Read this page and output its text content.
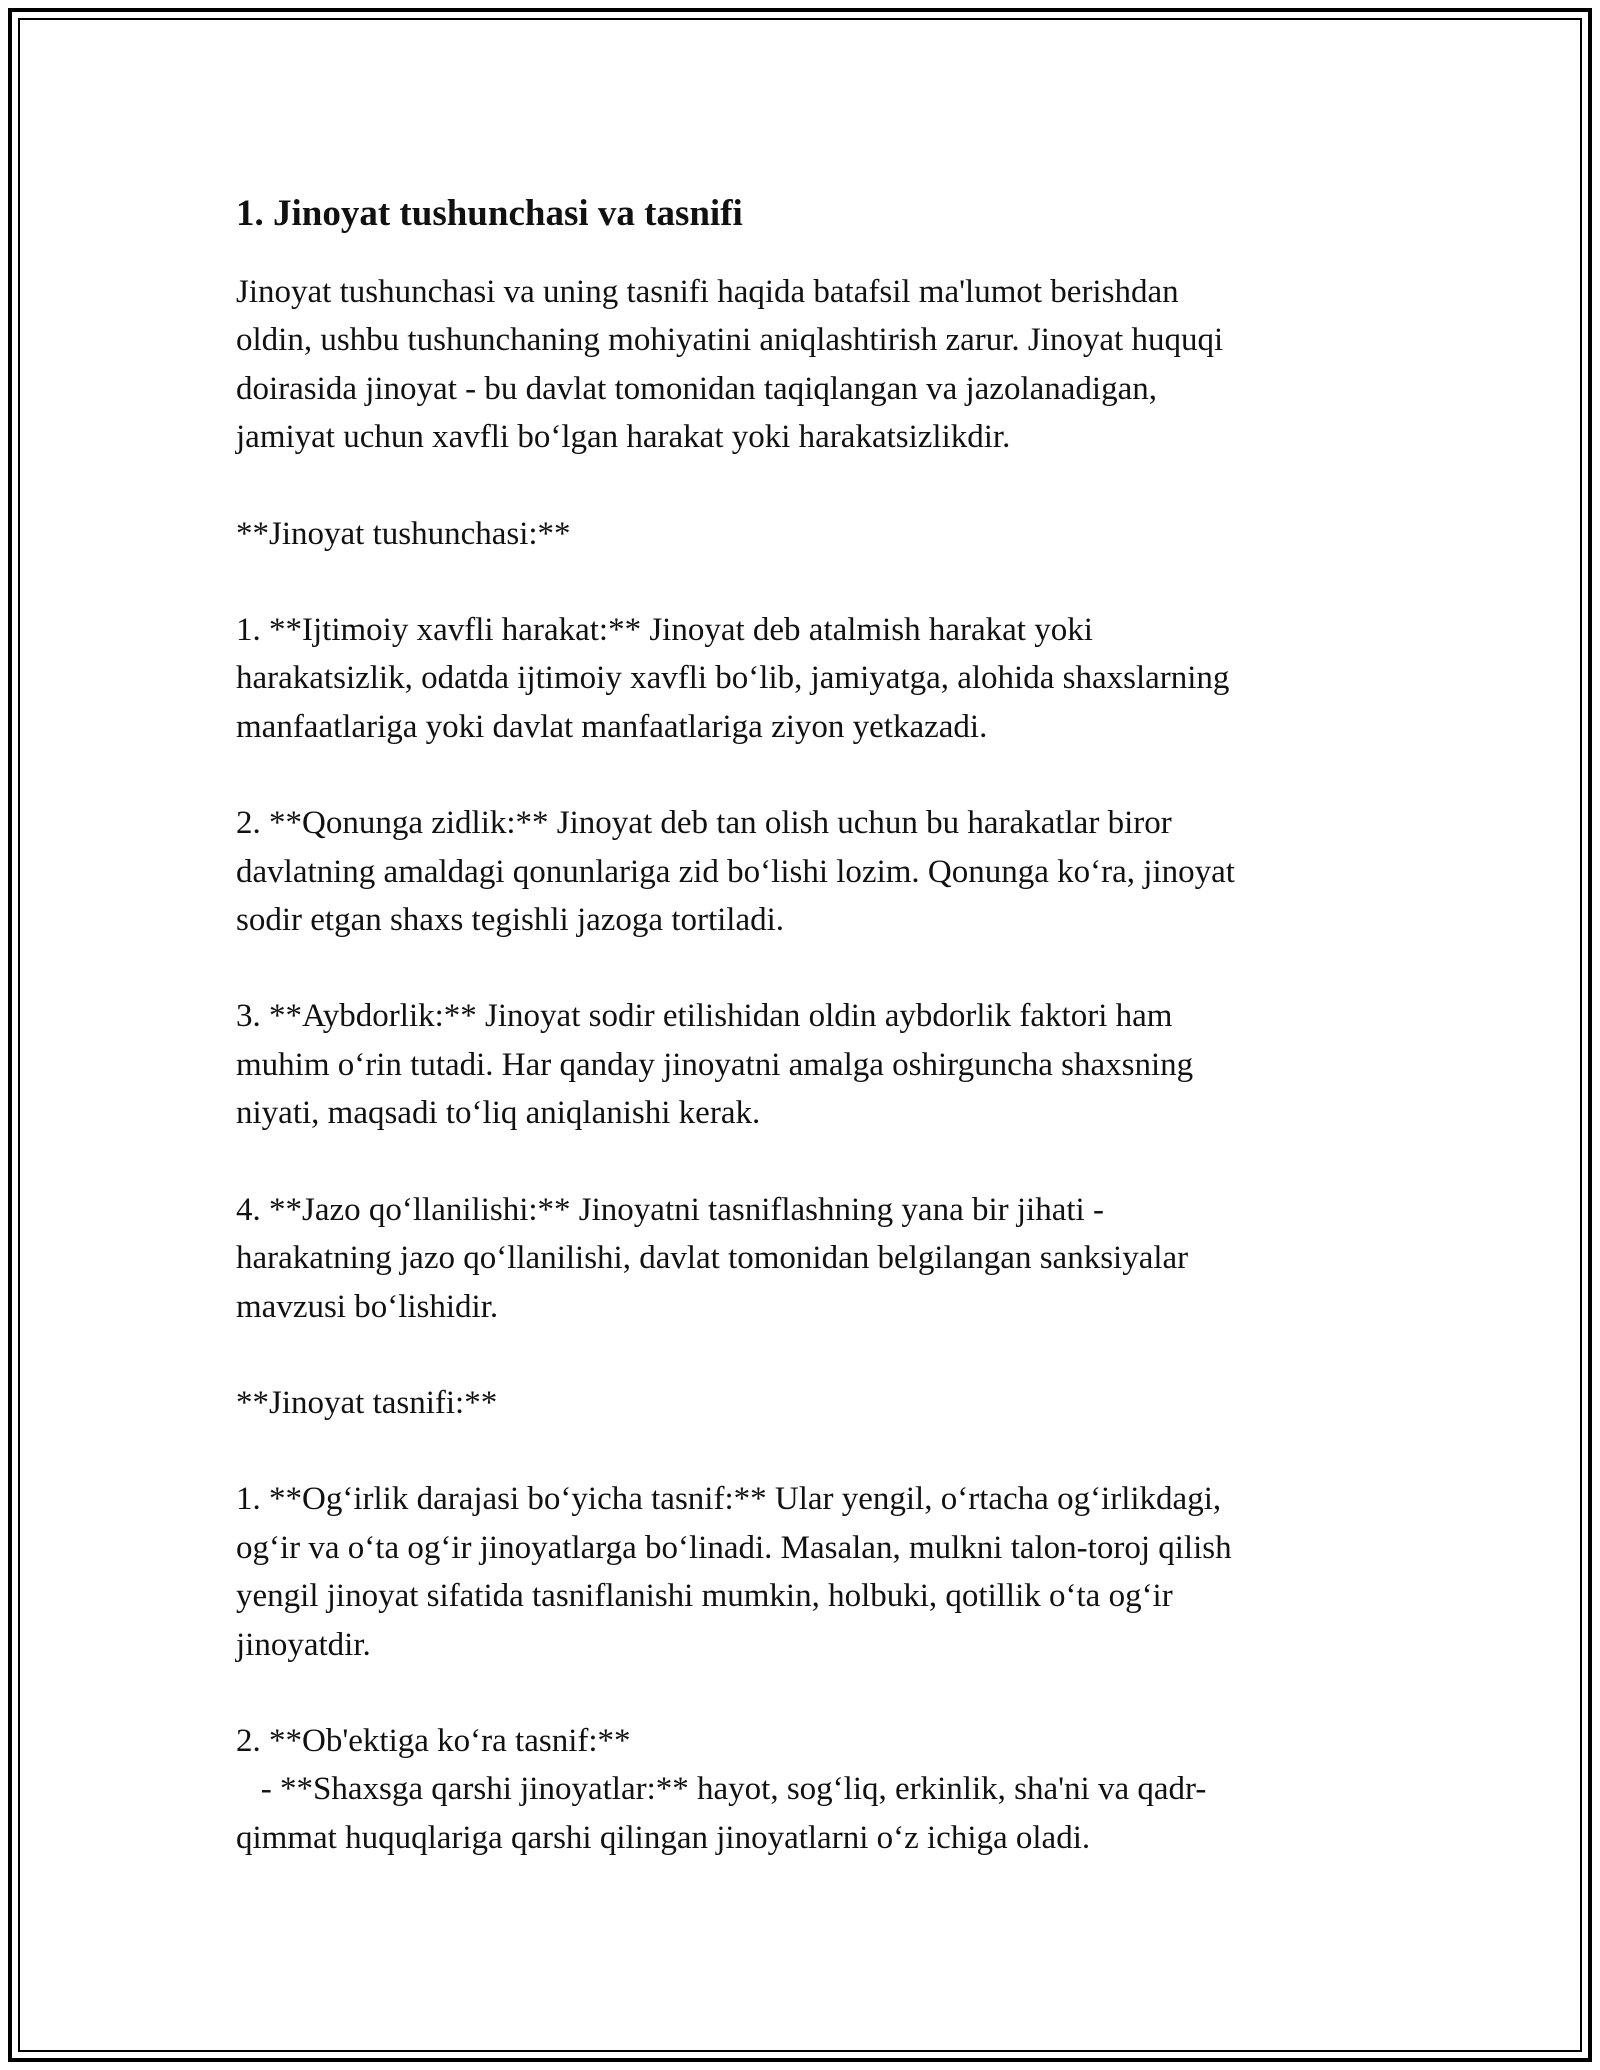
1. Jinoyat tushunchasi va tasnifi

Jinoyat tushunchasi va uning tasnifi haqida batafsil ma'lumot berishdan
oldin, ushbu tushunchaning mohiyatini aniqlashtirish zarur. Jinoyat huquqi
doirasida jinoyat - bu davlat tomonidan taqiqlangan va jazolanadigan,
jamiyat uchun xavfli boʻlgan harakat yoki harakatsizlikdir.

**Jinoyat tushunchasi:**

1. **Ijtimoiy xavfli harakat:** Jinoyat deb atalmish harakat yoki
harakatsizlik, odatda ijtimoiy xavfli boʻlib, jamiyatga, alohida shaxslarning
manfaatlariga yoki davlat manfaatlariga ziyon yetkazadi.

2. **Qonunga zidlik:** Jinoyat deb tan olish uchun bu harakatlar biror
davlatning amaldagi qonunlariga zid boʻlishi lozim. Qonunga koʻra, jinoyat
sodir etgan shaxs tegishli jazoga tortiladi.

3. **Aybdorlik:** Jinoyat sodir etilishidan oldin aybdorlik faktori ham
muhim oʻrin tutadi. Har qanday jinoyatni amalga oshirguncha shaxsning
niyati, maqsadi toʻliq aniqlanishi kerak.

4. **Jazo qoʻllanilishi:** Jinoyatni tasniflashning yana bir jihati -
harakatning jazo qoʻllanilishi, davlat tomonidan belgilangan sanksiyalar
mavzusi boʻlishidir.

**Jinoyat tasnifi:**

1. **Ogʻirlik darajasi boʻyicha tasnif:** Ular yengil, oʻrtacha ogʻirlikdagi,
ogʻir va oʻta ogʻir jinoyatlarga boʻlinadi. Masalan, mulkni talon-toroj qilish
yengil jinoyat sifatida tasniflanishi mumkin, holbuki, qotillik oʻta ogʻir
jinoyatdir.

2. **Ob'ektiga koʻra tasnif:**
- **Shaxsga qarshi jinoyatlar:** hayot, sogʻliq, erkinlik, sha'ni va qadr-
qimmat huquqlariga qarshi qilingan jinoyatlarni oʻz ichiga oladi.
